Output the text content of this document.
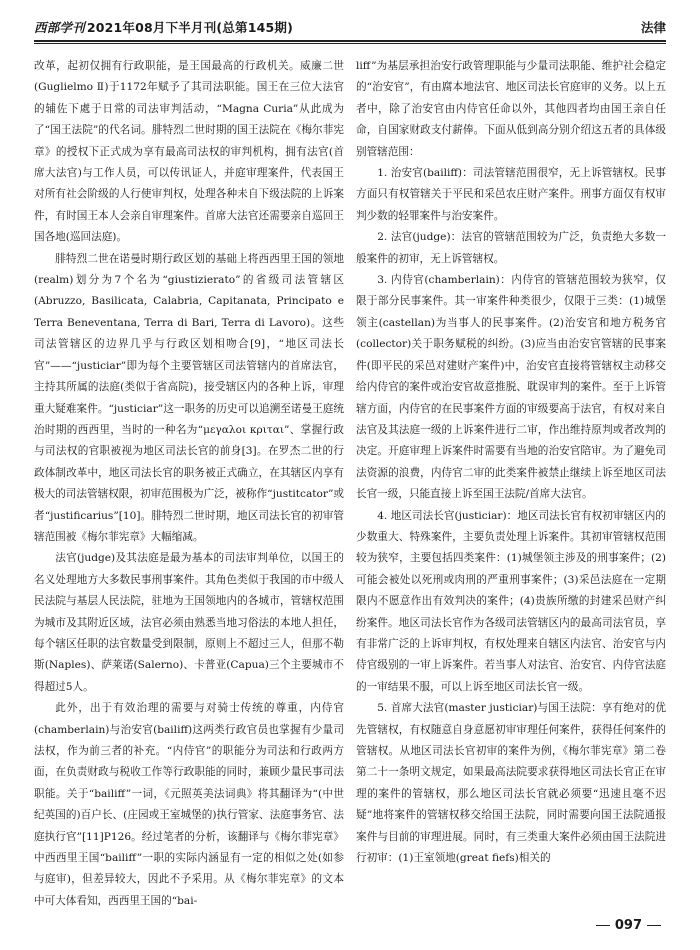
西部学刊 2021年08月下半月刊(总第145期)	法律

改革，起初仅拥有行政职能，是王国最高的行政机关。威廉二世(Guglielmo Ⅱ)于1172年赋予了其司法职能。国王在三位大法官的辅佐下處于日常的司法审判活动，“Magna Curia”从此成为了“国王法院”的代名词。腓特烈二世时期的国王法院在《梅尔菲宪章》的授权下正式成为享有最高司法权的审判机构，拥有法官(首席大法官)与工作人员，可以传讯证人，并庭审理案件，代表国王对所有社会阶级的人行使审判权，处理各种未自下级法院的上诉案件，有时国王本人会亲自审理案件。首席大法官还需要亲自巡回王国各地(巡回法庭)。

腓特烈二世在诺曼时期行政区划的基础上将西西里王国的领地(realm)划分为7个名为“giustizierato”的省级司法管辖区(Abruzzo, Basilicata, Calabria, Capitanata, Principato e Terra Beneventana, Terra di Bari, Terra di Lavoro)。这些司法管辖区的边界几乎与行政区划相吻合[9]，“地区司法长官”——“justiciar”即为每个主要管辖区司法管辖内的首席法官，主持其所属的法庭(类似于省高院)，接受辖区内的各种上诉，审理重大疑难案件。“justiciar”这一职务的历史可以追溯至诺曼王庭统治时期的西西里，当时的一种名为“μεγαλοι κριται”、掌握行政与司法权的官职被视为地区司法长官的前身[3]。在罗杰二世的行政体制改革中，地区司法长官的职务被正式确立，在其辖区内享有极大的司法管辖权限，初审范围极为广泛，被称作“justitcator”或者“justificarius”[10]。腓特烈二世时期，地区司法长官的初审管辖范围被《梅尔菲宪章》大幅缩减。

法官(judge)及其法庭是最为基本的司法审判单位，以国王的名义处理地方大多数民事刑事案件。其角色类似于我国的市中级人民法院与基层人民法院，驻地为王国领地内的各城市，管辖权范围为城市及其附近区域，法官必须由熟悉当地习俗法的本地人担任，每个辖区任职的法官数量受到限制，原则上不超过三人，但那不勒斯(Naples)、萨莱诺(Salerno)、卡普亚(Capua)三个主要城市不得超过5人。

此外，出于有效治理的需要与对骑士传统的尊重，内侍官(chamberlain)与治安官(bailiff)这两类行政官员也掌握有少量司法权，作为前三者的补充。“内侍官”的职能分为司法和行政两方面，在负责财政与税收工作等行政职能的同时，兼顾少量民事司法职能。关于“bailiff”一词，《元照英美法词典》将其翻译为“(中世纪英国的)百户长、(庄园或王室城堡的)执行管家、法庭事务官、法庭执行官”[11]P126。经过笔者的分析，该翻译与《梅尔菲宪章》中西西里王国“bailiff”一职的实际内涵显有一定的相似之处(如参与庭审)，但差异较大，因此不予采用。从《梅尔菲宪章》的文本中可大体看知，西西里王国的“bai-

liff”为基层承担治安行政管理职能与少量司法职能、维护社会稳定的“治安官”，有由腐本地法官、地区司法长官庭审的义务。以上五者中，除了治安官由内侍官任命以外，其他四者均由国王亲自任命，自国家财政支付薪俸。下面从低到高分别介绍这五者的具体级别管辖范围：

1. 治安官(bailiff)：司法管辖范围很窄，无上诉管辖权。民事方面只有权管辖关于平民和采邑农庄财产案件。刑事方面仅有权审判少数的轻罪案件与治安案件。

2. 法官(judge)：法官的管辖范围较为广泛，负责绝大多数一般案件的初审，无上诉管辖权。

3. 内侍官(chamberlain)：内侍官的管辖范围较为狭窄，仅限于部分民事案件。其一审案件种类很少，仅限于三类：(1)城堡领主(castellan)为当事人的民事案件。(2)治安官和地方税务官(collector)关于职务赋税的纠纷。(3)应当由治安官管辖的民事案件(即平民的采邑对建财产案件)中，治安官直接将管辖权主动移交给内侍官的案件或治安官故意推脱、耽误审判的案件。至于上诉管辖方面，内侍官的在民事案件方面的审级要高于法官，有权对来自法官及其法庭一级的上诉案件进行二审，作出维持原判或者改判的决定。开庭审理上诉案件时需要有当地的治安官陪审。为了避免司法资源的浪费，内侍官二审的此类案件被禁止继续上诉至地区司法长官一级，只能直接上诉至国王法院/首席大法官。

4. 地区司法长官(justiciar)：地区司法长官有权初审辖区内的少数重大、特殊案件，主要负责处理上诉案件。其初审管辖权范围较为狭窄，主要包括四类案件：(1)城堡领主涉及的刑事案件；(2)可能会被处以死刑或肉刑的严重刑事案件；(3)采邑法庭在一定期限内不愿意作出有效判决的案件；(4)贵族所缴的封建采邑财产纠纷案件。地区司法长官作为各级司法管辖区内的最高司法官员，享有非常广泛的上诉审判权，有权处理来自辖区内法官、治安官与内侍官级别的一审上诉案件。若当事人对法官、治安官、内侍官法庭的一审结果不服，可以上诉至地区司法长官一级。

5. 首席大法官(master justiciar)与国王法院：享有绝对的优先管辖权，有权随意自身意愿初审审理任何案件，获得任何案件的管辖权。从地区司法长官初审的案件为例，《梅尔菲宪章》第二卷第二十一条明文规定，如果最高法院要求获得地区司法长官正在审理的案件的管辖权，那么地区司法长官就必须要“迅速且毫不迟疑”地将案件的管辖权移交给国王法院，同时需要向国王法院通报案件与目前的审理进展。同时，有三类重大案件必须由国王法院进行初审：(1)王室领地(great fiefs)相关的

097
